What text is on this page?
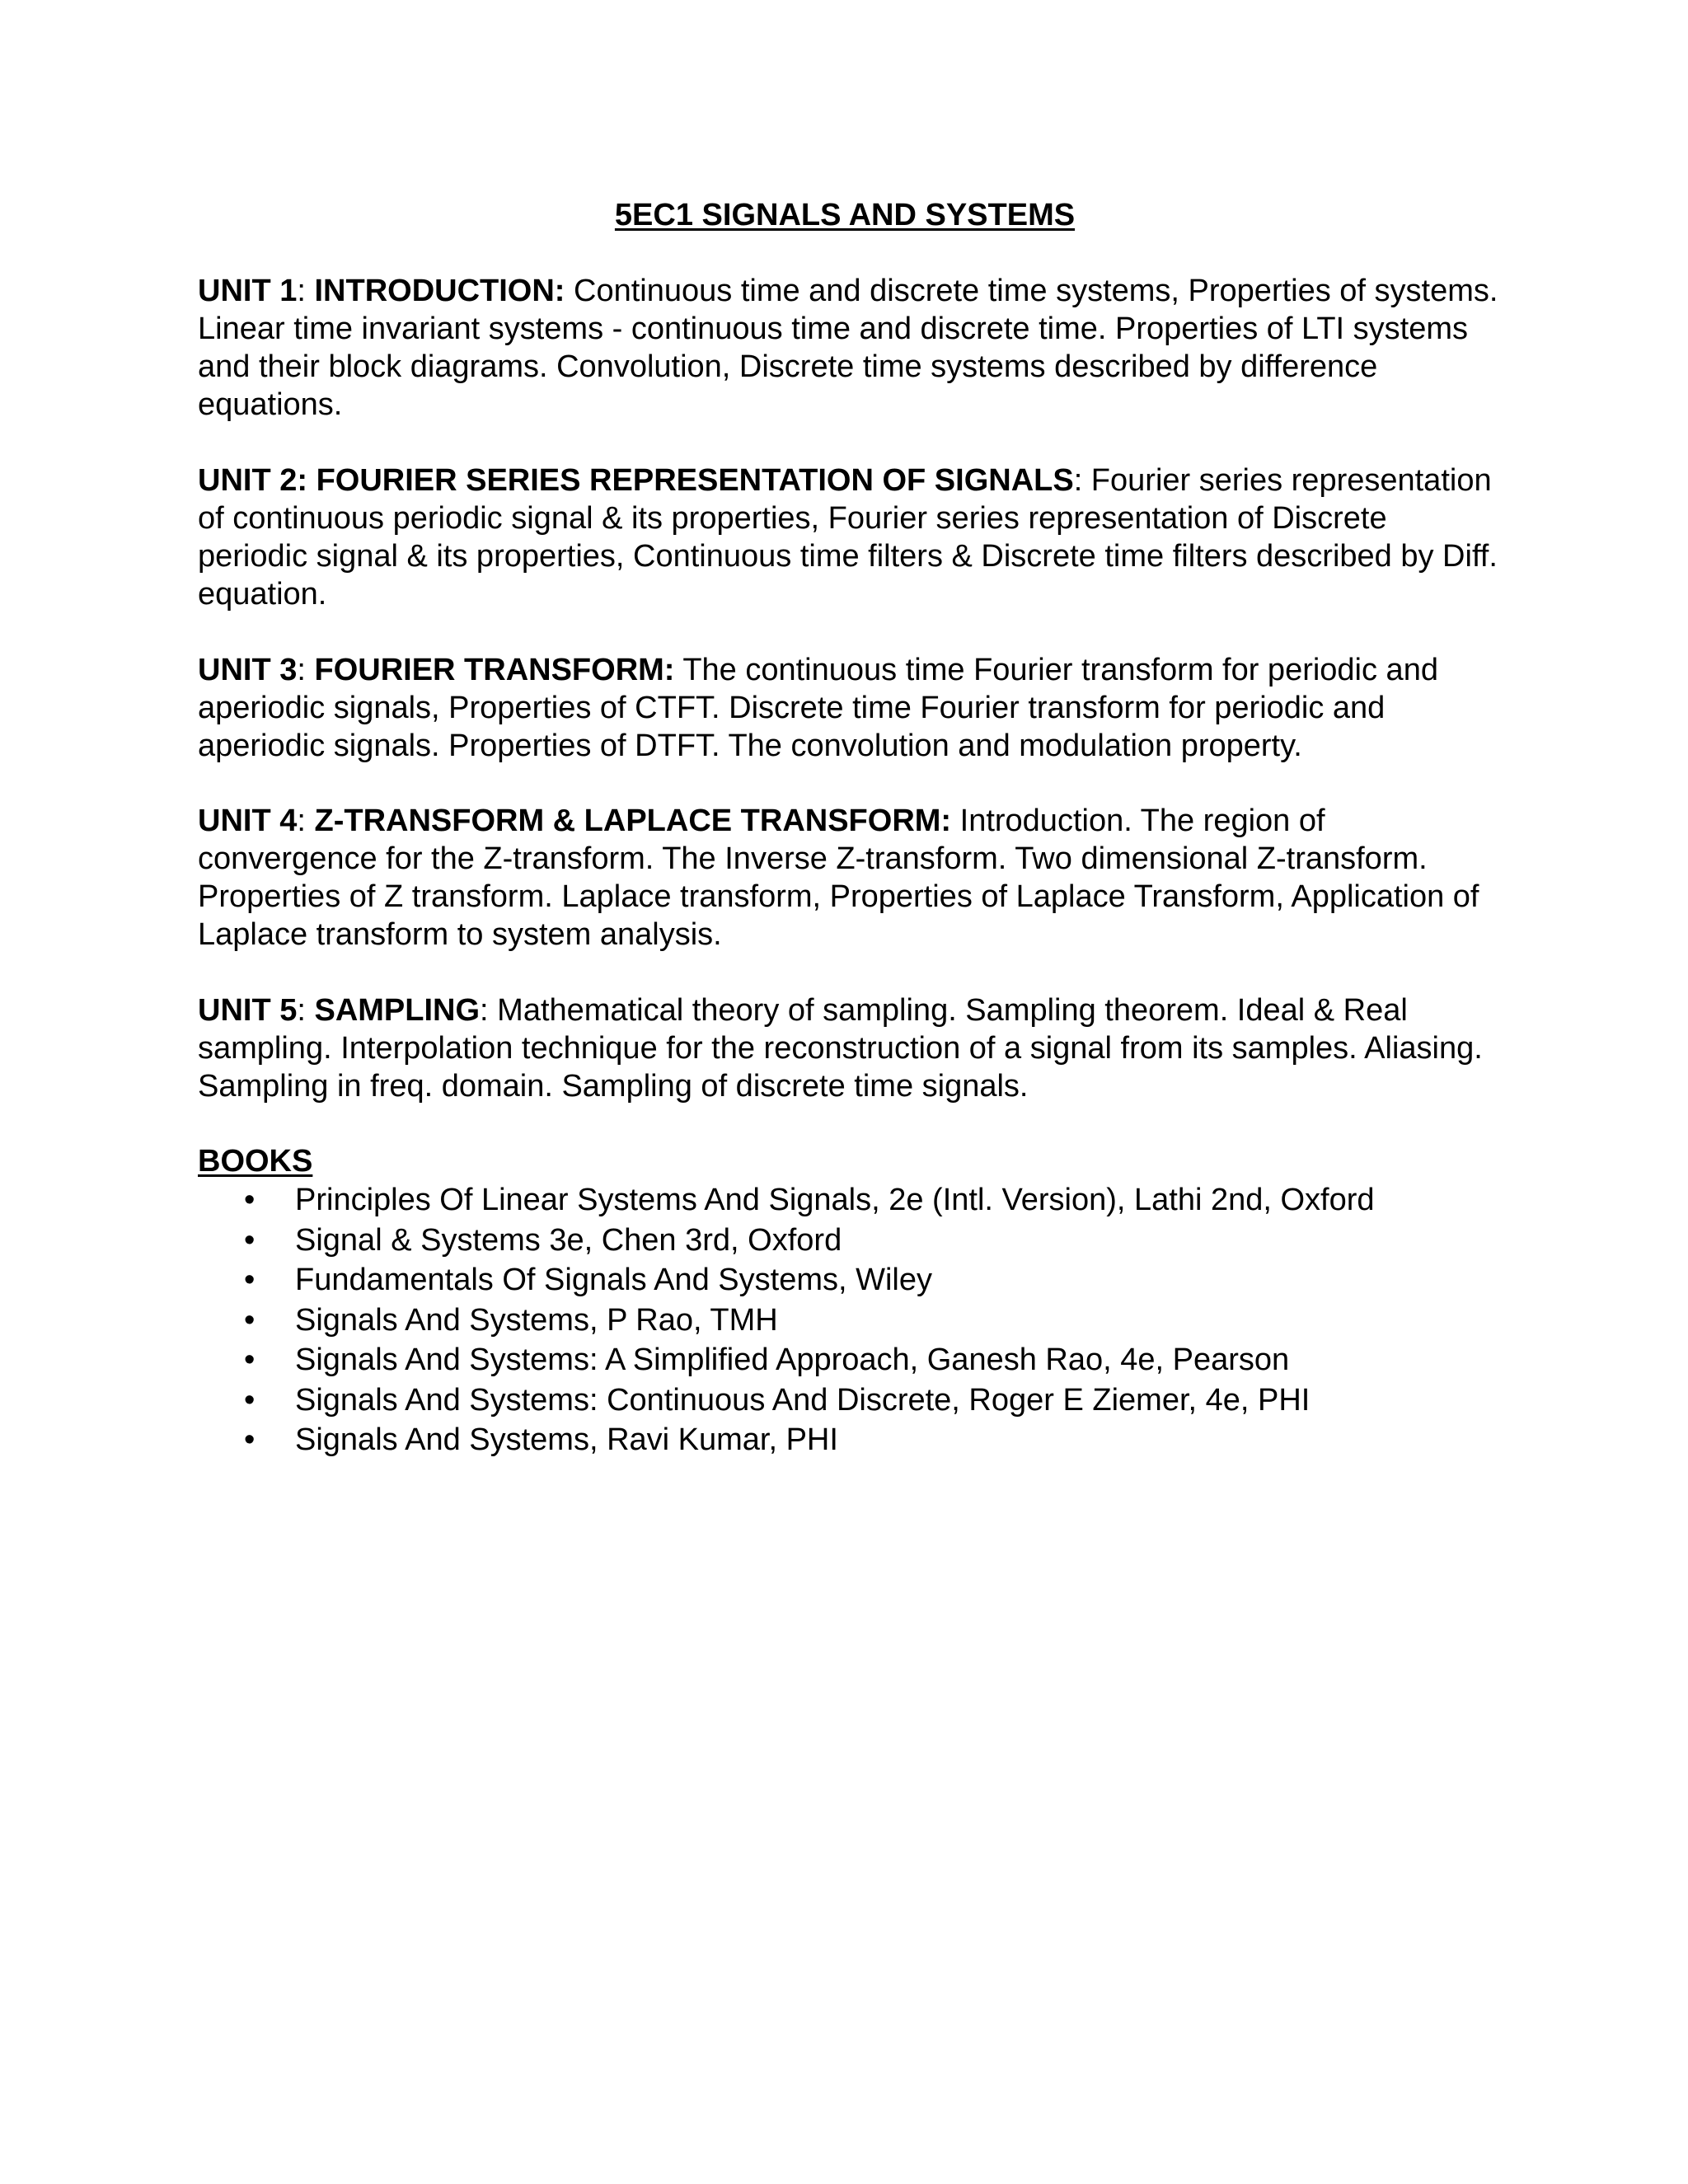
5EC1 SIGNALS AND SYSTEMS

UNIT 1: INTRODUCTION: Continuous time and discrete time systems, Properties of systems. Linear time invariant systems - continuous time and discrete time. Properties of LTI systems and their block diagrams. Convolution, Discrete time systems described by difference equations.

UNIT 2: FOURIER SERIES REPRESENTATION OF SIGNALS: Fourier series representation of continuous periodic signal & its properties, Fourier series representation of Discrete periodic signal & its properties, Continuous time filters & Discrete time filters described by Diff. equation.

UNIT 3: FOURIER TRANSFORM: The continuous time Fourier transform for periodic and aperiodic signals, Properties of CTFT. Discrete time Fourier transform for periodic and aperiodic signals. Properties of DTFT. The convolution and modulation property.

UNIT 4: Z-TRANSFORM & LAPLACE TRANSFORM: Introduction. The region of convergence for the Z-transform. The Inverse Z-transform. Two dimensional Z-transform. Properties of Z transform. Laplace transform, Properties of Laplace Transform, Application of Laplace transform to system analysis.

UNIT 5: SAMPLING: Mathematical theory of sampling. Sampling theorem. Ideal & Real sampling. Interpolation technique for the reconstruction of a signal from its samples. Aliasing. Sampling in freq. domain. Sampling of discrete time signals.

BOOKS

• Principles Of Linear Systems And Signals, 2e (Intl. Version), Lathi 2nd, Oxford
• Signal & Systems 3e, Chen 3rd, Oxford
• Fundamentals Of Signals And Systems, Wiley
• Signals And Systems, P Rao, TMH
• Signals And Systems: A Simplified Approach, Ganesh Rao, 4e, Pearson
• Signals And Systems: Continuous And Discrete, Roger E Ziemer, 4e, PHI
• Signals And Systems, Ravi Kumar, PHI
